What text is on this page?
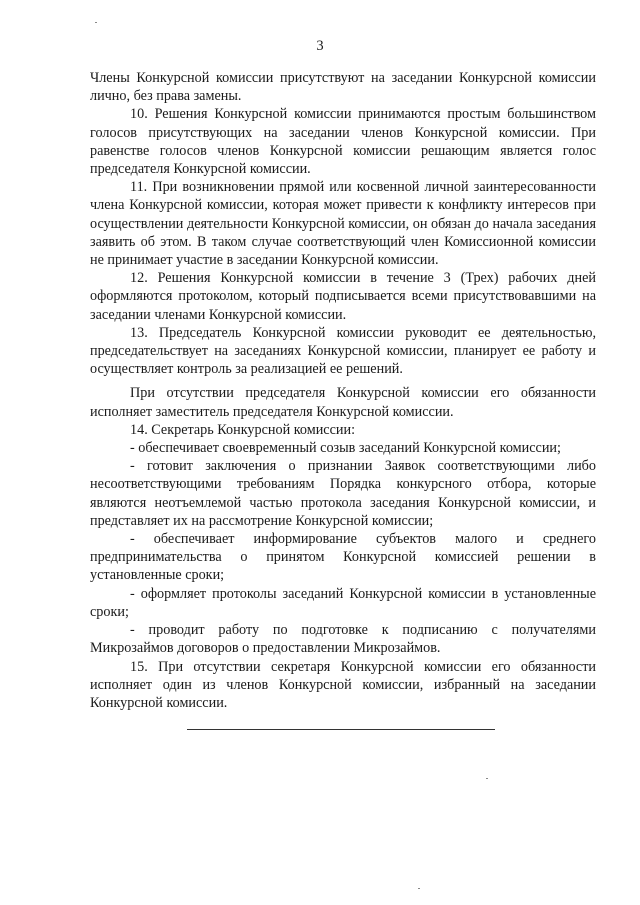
3

Члены Конкурсной комиссии присутствуют на заседании Конкурсной комиссии лично, без права замены.

10. Решения Конкурсной комиссии принимаются простым большинством голосов присутствующих на заседании членов Конкурсной комиссии. При равенстве голосов членов Конкурсной комиссии решающим является голос председателя Конкурсной комиссии.

11. При возникновении прямой или косвенной личной заинтересованности члена Конкурсной комиссии, которая может привести к конфликту интересов при осуществлении деятельности Конкурсной комиссии, он обязан до начала заседания заявить об этом. В таком случае соответствующий член Комиссионной комиссии не принимает участие в заседании Конкурсной комиссии.

12. Решения Конкурсной комиссии в течение 3 (Трех) рабочих дней оформляются протоколом, который подписывается всеми присутствовавшими на заседании членами Конкурсной комиссии.

13. Председатель Конкурсной комиссии руководит ее деятельностью, председательствует на заседаниях Конкурсной комиссии, планирует ее работу и осуществляет контроль за реализацией ее решений.

При отсутствии председателя Конкурсной комиссии его обязанности исполняет заместитель председателя Конкурсной комиссии.

14. Секретарь Конкурсной комиссии:

- обеспечивает своевременный созыв заседаний Конкурсной комиссии;

- готовит заключения о признании Заявок соответствующими либо несоответствующими требованиям Порядка конкурсного отбора, которые являются неотъемлемой частью протокола заседания Конкурсной комиссии, и представляет их на рассмотрение Конкурсной комиссии;

- обеспечивает информирование субъектов малого и среднего предпринимательства о принятом Конкурсной комиссией решении в установленные сроки;

- оформляет протоколы заседаний Конкурсной комиссии в установленные сроки;

- проводит работу по подготовке к подписанию с получателями Микрозаймов договоров о предоставлении Микрозаймов.

15. При отсутствии секретаря Конкурсной комиссии его обязанности исполняет один из членов Конкурсной комиссии, избранный на заседании Конкурсной комиссии.
